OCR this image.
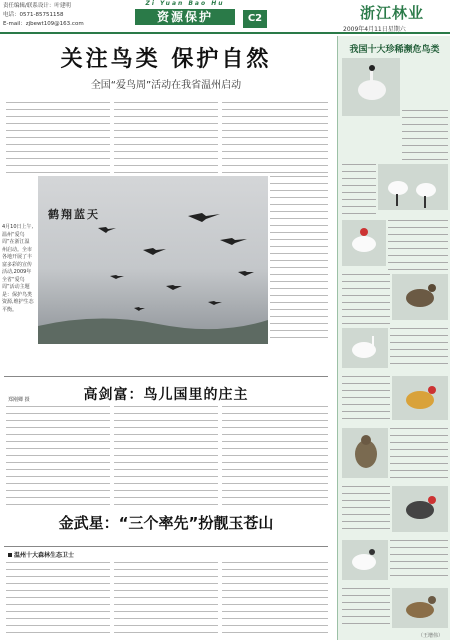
责任编辑/联系设计：叶建明
电话：0571-85751158
E-mail：zjbewt109@163.com
Zi Yuan Bao Hu
资源保护	C2	浙江林业
2009年4月11日星期六
关注鸟类 保护自然
全国“爱鸟周”活动在我省温州启动
鹤翔蓝天
4月10日上午,温州“爱鸟周”在浙江温州启动。全市各地开展了丰富多彩的宣传活动,2009年全省“爱鸟周”活动主题是：保护鸟类资源,维护生态平衡。
郑刚卿 摄	高剑富：鸟儿国里的庄主
金武星：“三个率先”扮靓玉苍山
温州十大森林生态卫士
我国十大珍稀濒危鸟类
（王增伟）
